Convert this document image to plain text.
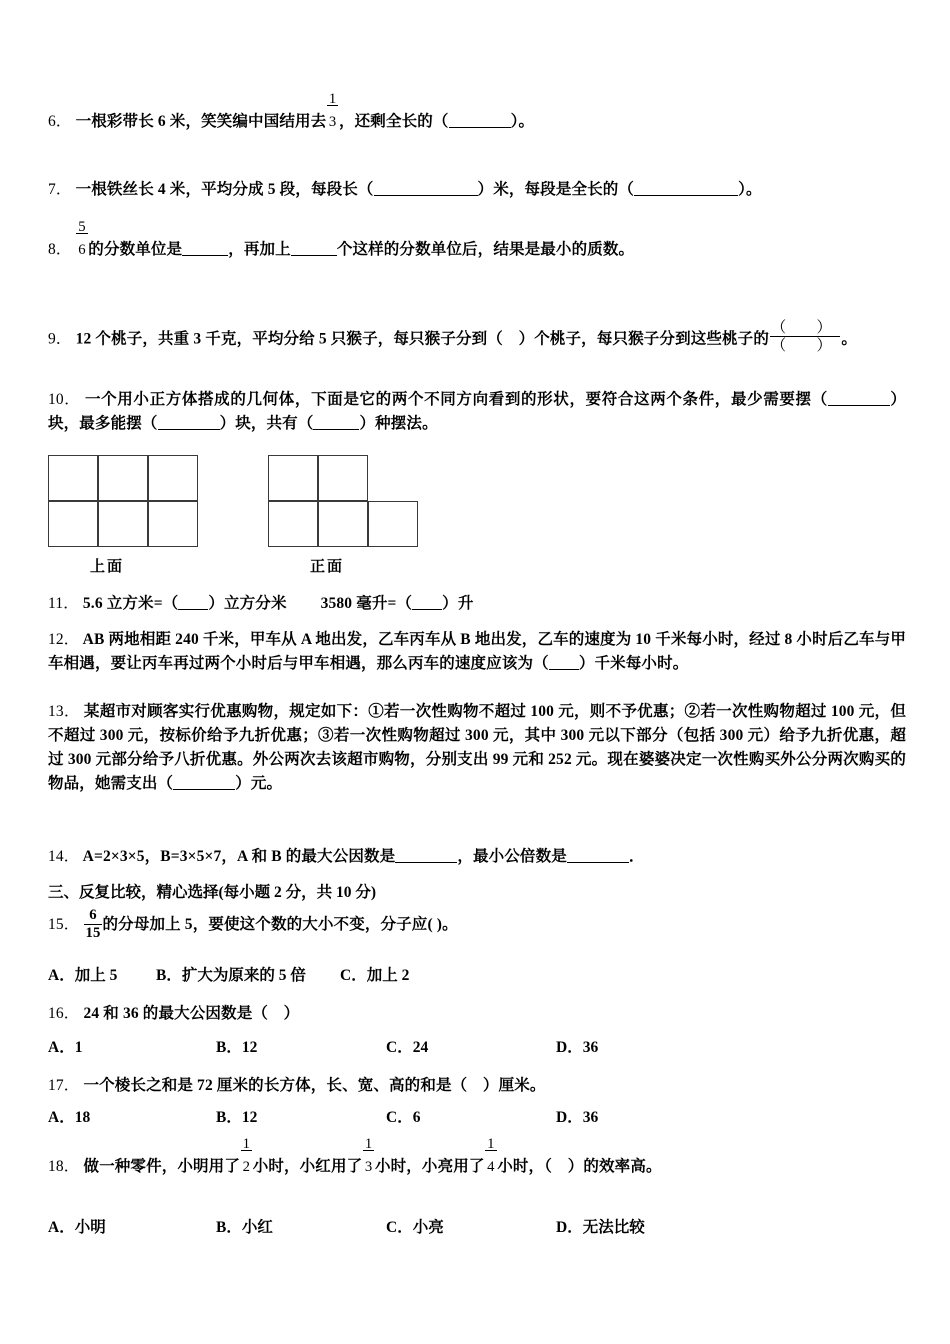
6． 一根彩带长 6 米，笑笑编中国结用去 $\frac{1}{3}$，还剩全长的（	）。
7． 一根铁丝长 4 米，平均分成 5 段，每段长（	）米，每段是全长的（	）。
8． $\frac{5}{6}$的分数单位是	，再加上	个这样的分数单位后，结果是最小的质数。
9． 12 个桃子，共重 3 千克，平均分给 5 只猴子，每只猴子分到（　）个桃子，每只猴子分到这些桃子的
（　）
（　） 。
10． 一个用小正方体搭成的几何体，下面是它的两个不同方向看到的形状，要符合这两个条件，最少需要摆（	）块，最多能摆（	）块，共有（	）种摆法。
上面	正面
11． 5.6 立方米=（ ）立方分米 3580 毫升=（ ）升
12． AB 两地相距 240 千米，甲车从 A 地出发，乙车丙车从 B 地出发，乙车的速度为 10 千米每小时，经过 8 小时后乙车与甲车相遇，要让丙车再过两个小时后与甲车相遇，那么丙车的速度应该为（ ）千米每小时。
13． 某超市对顾客实行优惠购物，规定如下：①若一次性购物不超过 100 元，则不予优惠；②若一次性购物超过 100 元，但不超过 300 元，按标价给予九折优惠；③若一次性购物超过 300 元，其中 300 元以下部分（包括 300 元）给予九折优惠，超过 300 元部分给予八折优惠。外公两次去该超市购物，分别支出 99 元和 252 元。现在婆婆决定一次性购买外公分两次购买的物品，她需支出（	）元。
14． A=2×3×5，B=3×5×7，A 和 B 的最大公因数是	，最小公倍数是	．
三、反复比较，精心选择(每小题 2 分，共 10 分)
15． $\frac{6}{15}$ 的分母加上 5，要使这个数的大小不变，分子应( )。
A．加上 5 B．扩大为原来的 5 倍 C．加上 2
16． 24 和 36 的最大公因数是（　）
A．1	B．12	C．24	D．36
17． 一个棱长之和是 72 厘米的长方体，长、宽、高的和是（　）厘米。
A．18	B．12	C．6	D．36
18． 做一种零件，小明用了 $\frac{1}{2}$小时，小红用了 $\frac{1}{3}$小时，小亮用了 $\frac{1}{4}$小时，（　）的效率高。
A．小明	B．小红	C．小亮	D．无法比较
